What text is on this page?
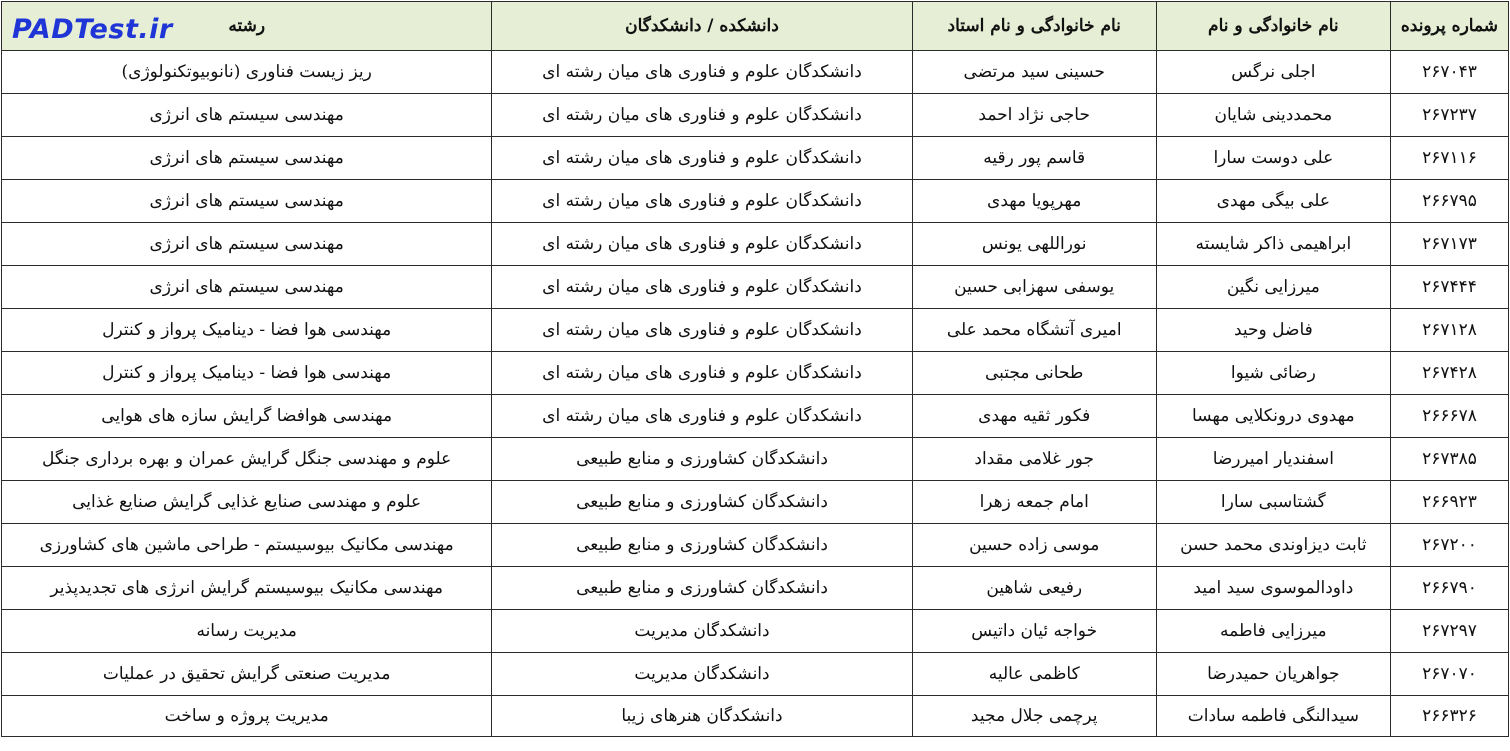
PADTest.ir	شماره پرونده	نام خانوادگی و نام	نام خانوادگی و نام استاد	دانشکده / دانشکدگان	رشته
۲۶۷۰۴۳	اجلی نرگس	حسینی سید مرتضی	دانشکدگان علوم و فناوری های میان رشته ای	ریز زیست فناوری (نانوبیوتکنولوژی)
۲۶۷۲۳۷	محمددینی شایان	حاجی نژاد احمد	دانشکدگان علوم و فناوری های میان رشته ای	مهندسی سیستم های انرژی
۲۶۷۱۱۶	علی دوست سارا	قاسم پور رقیه	دانشکدگان علوم و فناوری های میان رشته ای	مهندسی سیستم های انرژی
۲۶۶۷۹۵	علی بیگی مهدی	مهرپویا مهدی	دانشکدگان علوم و فناوری های میان رشته ای	مهندسی سیستم های انرژی
۲۶۷۱۷۳	ابراهیمی ذاکر شایسته	نوراللهی یونس	دانشکدگان علوم و فناوری های میان رشته ای	مهندسی سیستم های انرژی
۲۶۷۴۴۴	میرزایی نگین	یوسفی سهزابی حسین	دانشکدگان علوم و فناوری های میان رشته ای	مهندسی سیستم های انرژی
۲۶۷۱۲۸	فاضل وحید	امیری آتشگاه محمد علی	دانشکدگان علوم و فناوری های میان رشته ای	مهندسی هوا فضا - دینامیک پرواز و کنترل
۲۶۷۴۲۸	رضائی شیوا	طحانی مجتبی	دانشکدگان علوم و فناوری های میان رشته ای	مهندسی هوا فضا - دینامیک پرواز و کنترل
۲۶۶۶۷۸	مهدوی درونکلایی مهسا	فکور ثقیه مهدی	دانشکدگان علوم و فناوری های میان رشته ای	مهندسی هوافضا گرایش سازه های هوایی
۲۶۷۳۸۵	اسفندیار امیررضا	جور غلامی مقداد	دانشکدگان کشاورزی و منابع طبیعی	علوم و مهندسی جنگل گرایش عمران و بهره برداری جنگل
۲۶۶۹۲۳	گشتاسبی سارا	امام جمعه زهرا	دانشکدگان کشاورزی و منابع طبیعی	علوم و مهندسی صنایع غذایی گرایش صنایع غذایی
۲۶۷۲۰۰	ثابت دیزاوندی محمد حسن	موسی زاده حسین	دانشکدگان کشاورزی و منابع طبیعی	مهندسی مکانیک بیوسیستم - طراحی ماشین های کشاورزی
۲۶۶۷۹۰	داودالموسوی سید امید	رفیعی شاهین	دانشکدگان کشاورزی و منابع طبیعی	مهندسی مکانیک بیوسیستم گرایش انرژی های تجدیدپذیر
۲۶۷۲۹۷	میرزایی فاطمه	خواجه ئیان داتیس	دانشکدگان مدیریت	مدیریت رسانه
۲۶۷۰۷۰	جواهریان حمیدرضا	کاظمی عالیه	دانشکدگان مدیریت	مدیریت صنعتی گرایش تحقیق در عملیات
۲۶۶۳۲۶	سیدالنگی فاطمه سادات	پرچمی جلال مجید	دانشکدگان هنرهای زیبا	مدیریت پروژه و ساخت
